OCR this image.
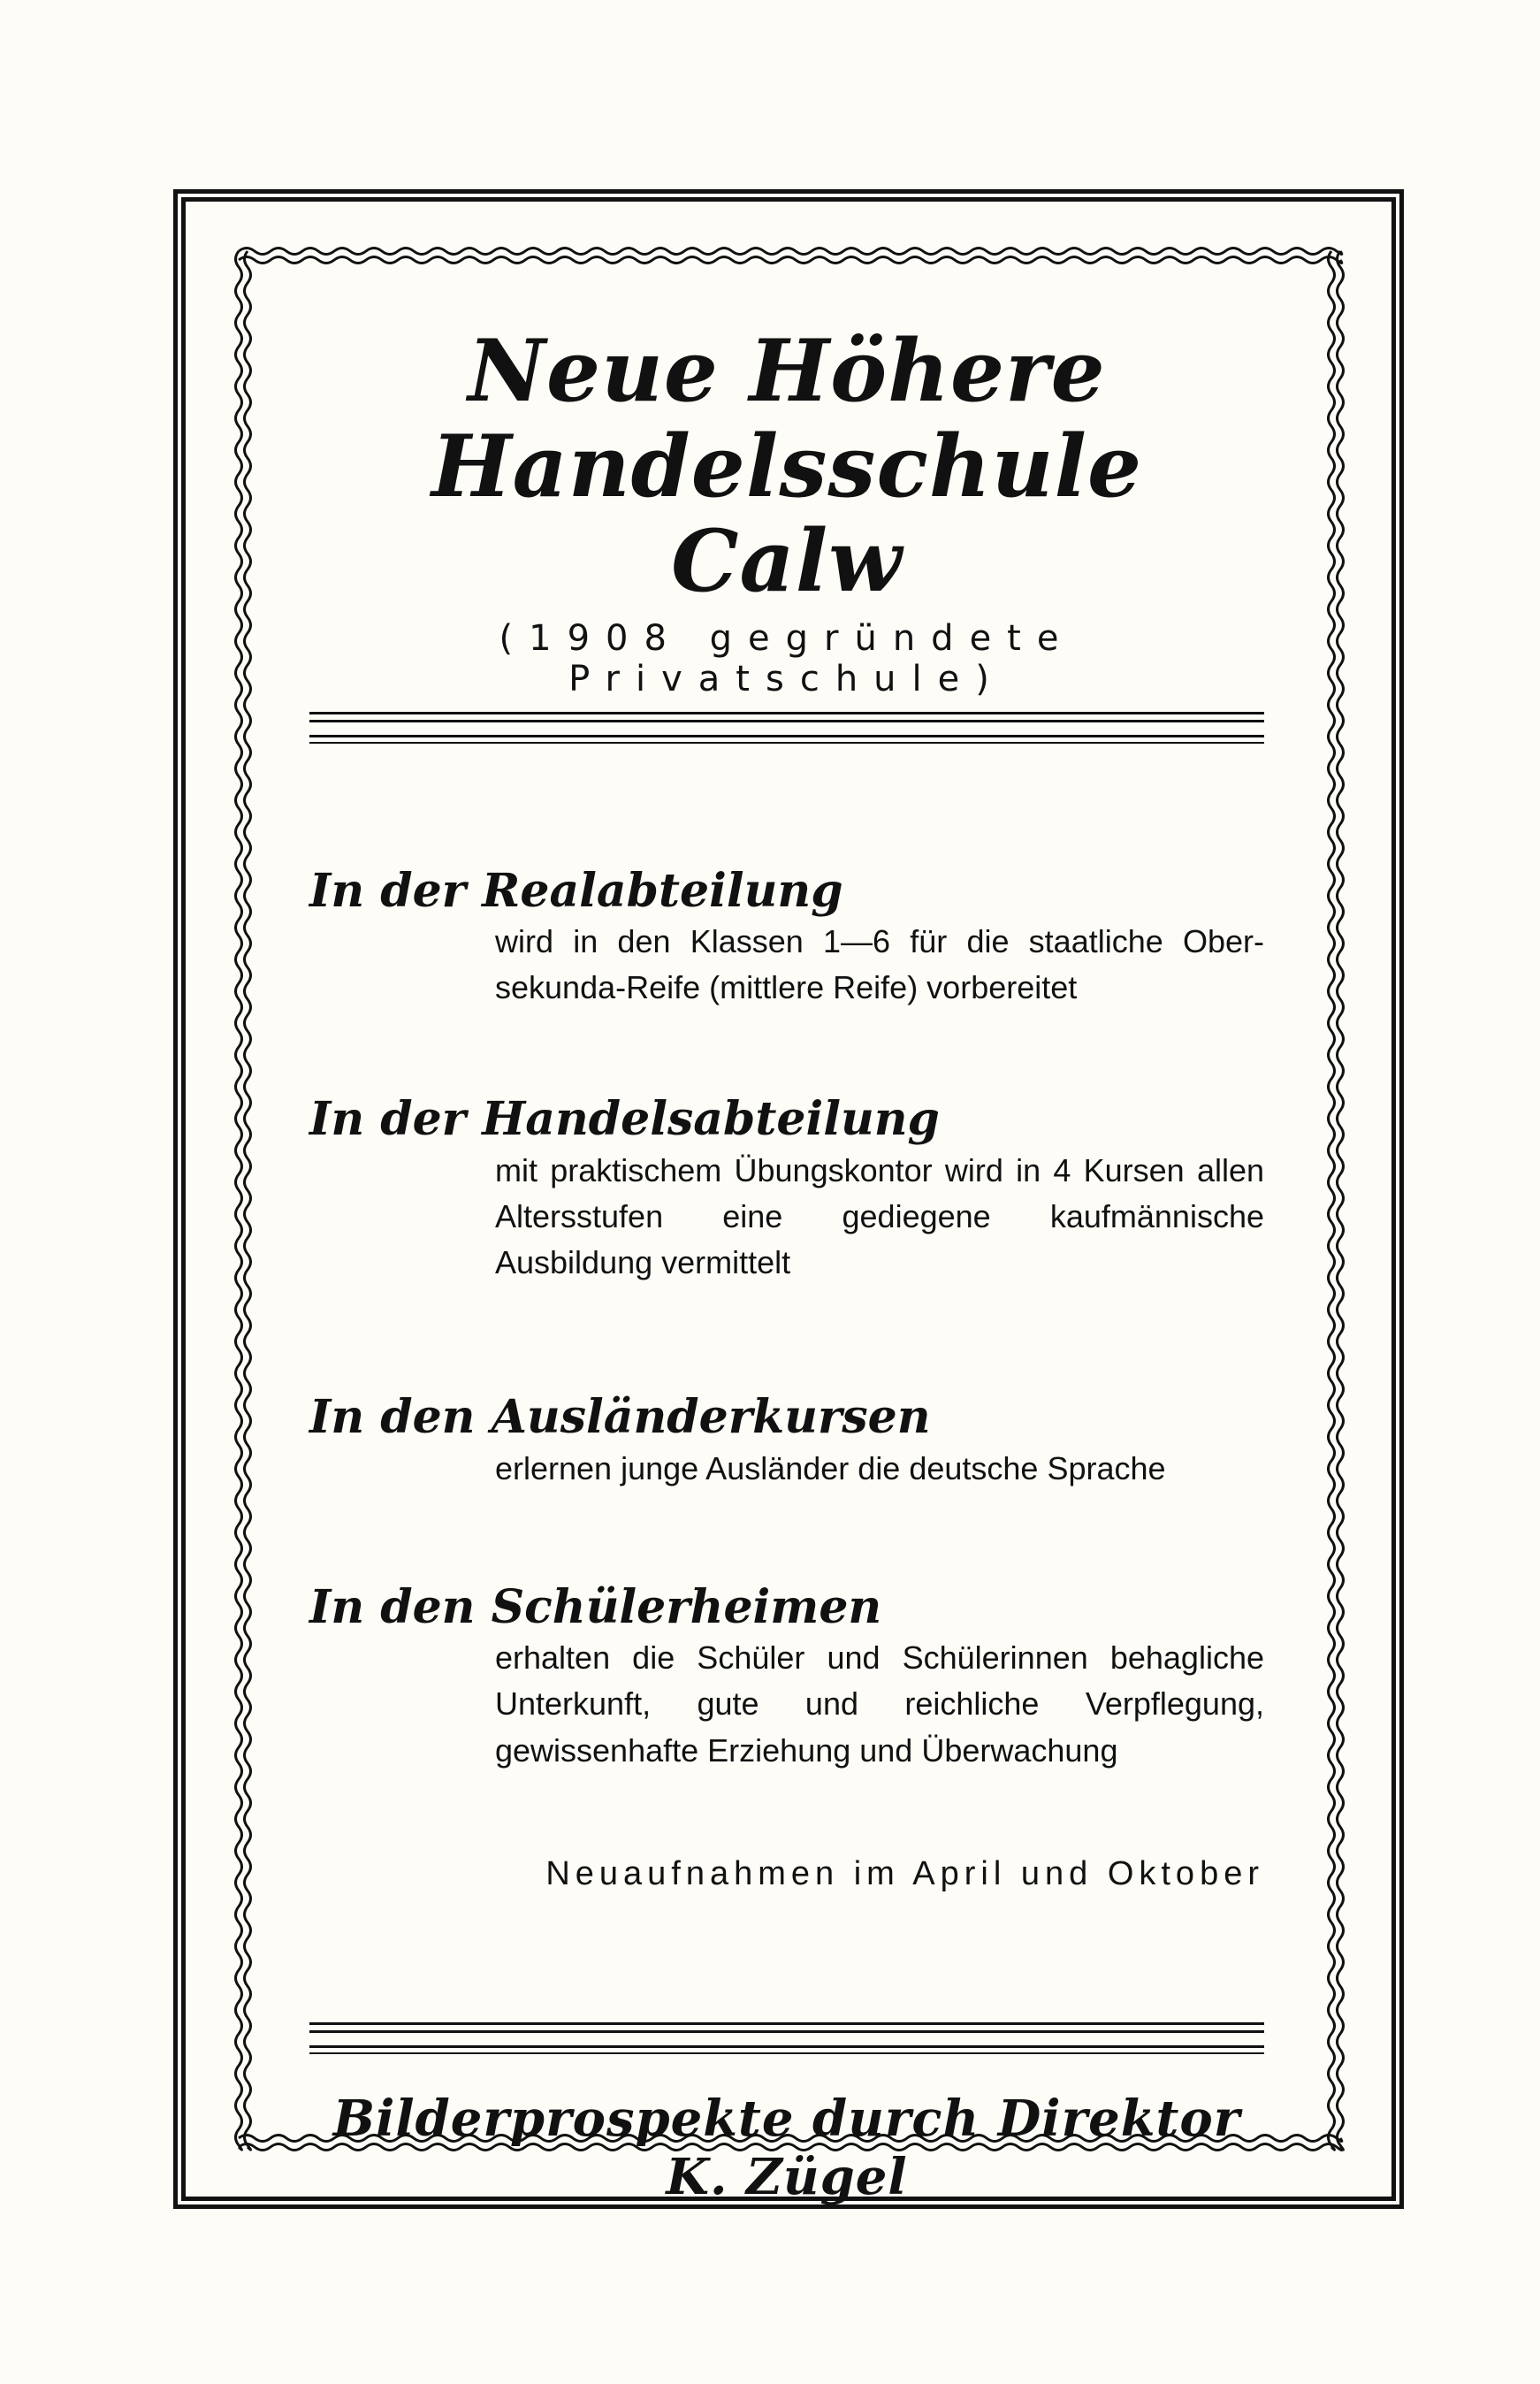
Neue Höhere
Handelsschule Calw
(1908 gegründete Privatschule)
In der Realabteilung
wird in den Klassen 1—6 für die staatliche Ober-sekunda-Reife (mittlere Reife) vorbereitet
In der Handelsabteilung
mit praktischem Übungskontor wird in 4 Kursen allen Altersstufen eine gediegene kaufmännische Ausbildung vermittelt
In den Ausländerkursen
erlernen junge Ausländer die deutsche Sprache
In den Schülerheimen
erhalten die Schüler und Schülerinnen behagliche Unterkunft, gute und reichliche Verpflegung, gewissenhafte Erziehung und Überwachung
Neuaufnahmen im April und Oktober
Bilderprospekte durch Direktor K. Zügel
